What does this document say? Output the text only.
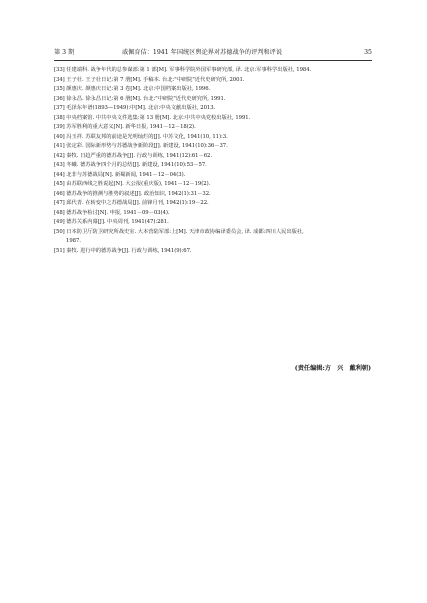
第 3 期	戚佩育佶：1941 年国统区舆论界对苏德战争的评判和评说	35
[33] 任建端科. 战争年代的总参谋部:第 1 部[M]. 军事科学院外国军事研究部, 译. 北京:军事科学出版社, 1984.
[34] 王子壮. 王子壮日记:第 7 册[M]. 手稿本. 台北:"中研院"近代史研究所, 2001.
[35] 颜惠庆. 颜惠庆日记:第 3 卷[M]. 北京:中国档案出版社, 1996.
[36] 徐永昌. 徐永昌日记:第 6 册[M]. 台北:"中研院"近代史研究所, 1991.
[37] 毛泽东年谱(1893—1949):中[M]. 北京:中央文献出版社, 2013.
[38] 中央档案馆. 中共中央文件选集:第 13 册[M]. 北京:中共中央党校出版社, 1991.
[39] 苏军胜利的重大意义[N]. 新华日报, 1941－12－18(2).
[40] 冯玉祥. 苏联友邦的前途是光明灿烂的[J]. 中苏文化, 1941(10, 11):3.
[41] 张定彩. 国际新形势与苏德战争新阶段[J]. 新建设, 1941(10):36－37.
[42] 秦牧. 日趋严重的德苏战争[J]. 行政与训练, 1941(12):61－62.
[43] 冬曦. 德苏战争四个月的总结[J]. 新建设, 1941(10):53－57.
[44] 北非与苏德战局[N]. 新蜀新闻, 1941－12－04(3).
[45] 由苏联西线之胜说起[N]. 大公报(重庆版), 1941－12－19(2).
[46] 德苏战争的推测与胜势的叙述[J]. 政治知识, 1942(1):31－32.
[47] 邱代青. 在转变中之苏德战局[J]. 前锋月刊, 1942(1):19－22.
[48] 德苏战争检讨[N]. 申报, 1941－09－03(4).
[49] 德苏关系内幕[J]. 中央周刊, 1941(47):281.
[50] 日本防卫厅防卫研究所战史室. 大本营陆军部:上[M]. 天津市政协编译委员会, 译. 成都:四川人民出版社,
1987.
[51] 秦牧. 进行中的德苏战争[J]. 行政与训练, 1941(9):67.
(责任编辑:方　兴　戴利朝)
